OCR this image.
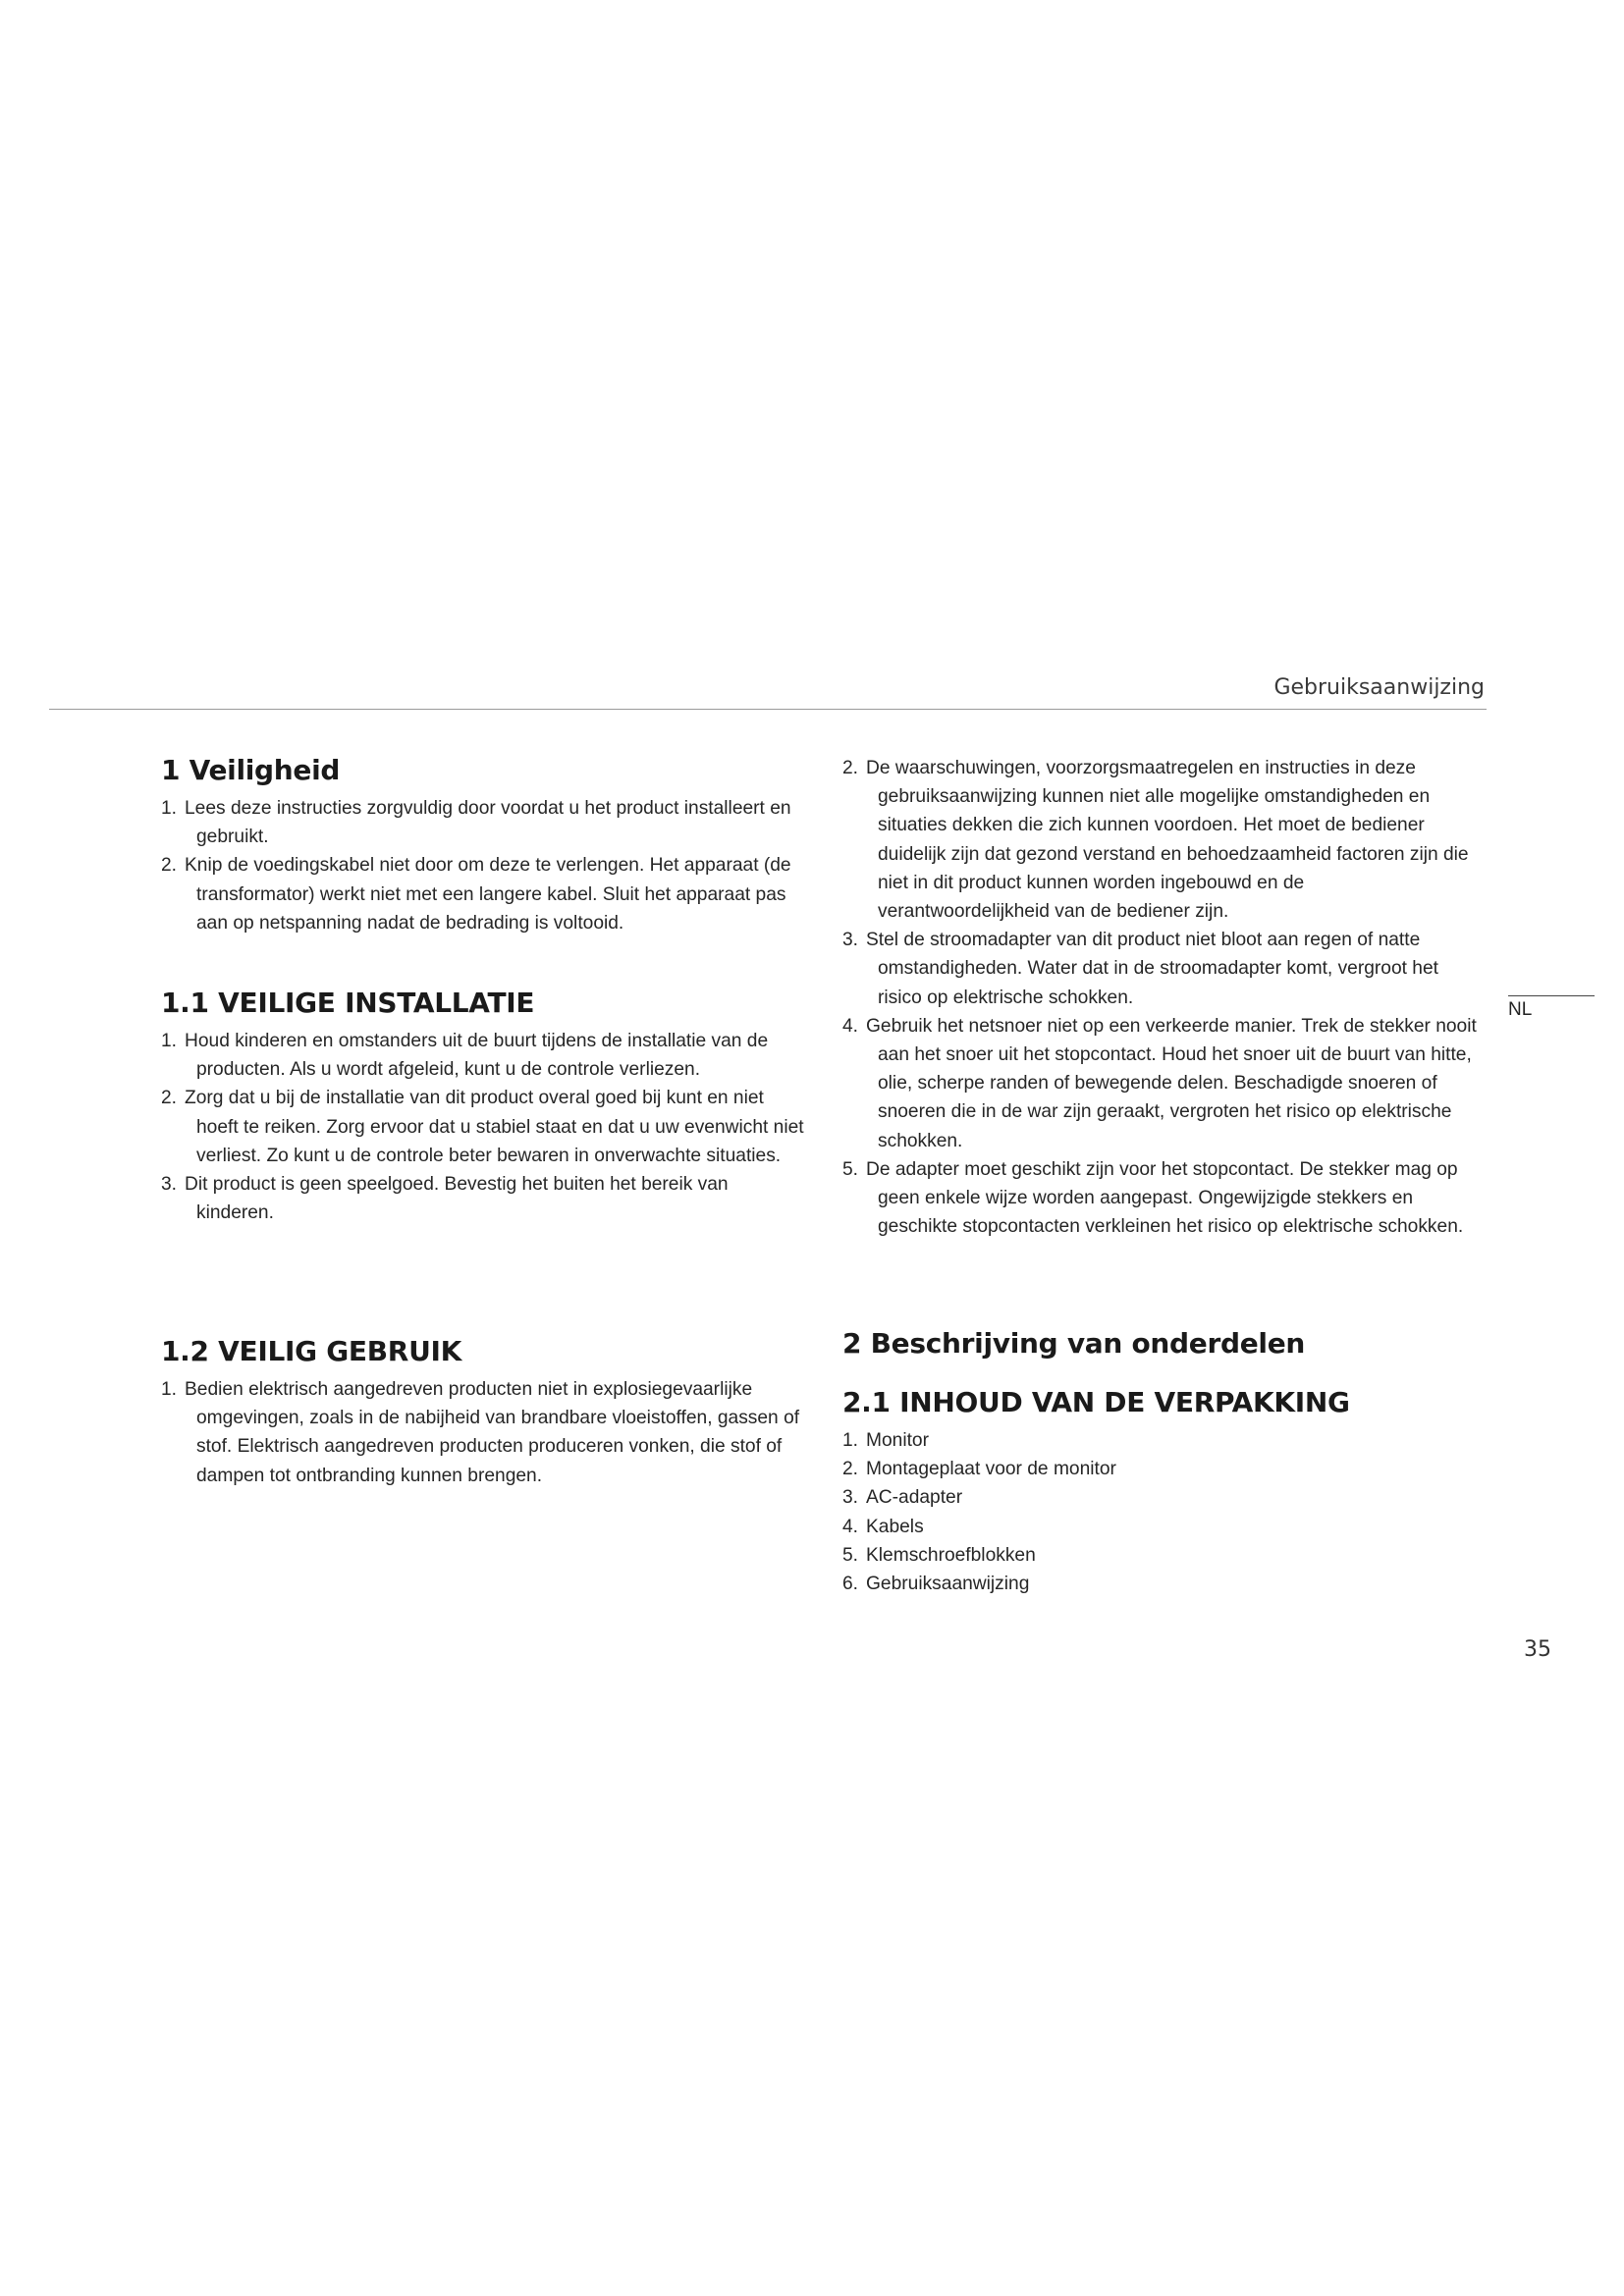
Gebruiksaanwijzing
NL
35
1 Veiligheid
1. Lees deze instructies zorgvuldig door voordat u het product installeert en gebruikt.
2. Knip de voedingskabel niet door om deze te verlengen. Het apparaat (de transformator) werkt niet met een langere kabel. Sluit het apparaat pas aan op netspanning nadat de bedrading is voltooid.
1.1 VEILIGE INSTALLATIE
1. Houd kinderen en omstanders uit de buurt tijdens de installatie van de producten. Als u wordt afgeleid, kunt u de controle verliezen.
2. Zorg dat u bij de installatie van dit product overal goed bij kunt en niet hoeft te reiken. Zorg ervoor dat u stabiel staat en dat u uw evenwicht niet verliest. Zo kunt u de controle beter bewaren in onverwachte situaties.
3. Dit product is geen speelgoed. Bevestig het buiten het bereik van kinderen.
1.2 VEILIG GEBRUIK
1. Bedien elektrisch aangedreven producten niet in explosiegevaarlijke omgevingen, zoals in de nabijheid van brandbare vloeistoffen, gassen of stof. Elektrisch aangedreven producten produceren vonken, die stof of dampen tot ontbranding kunnen brengen.
2. De waarschuwingen, voorzorgsmaatregelen en instructies in deze gebruiksaanwijzing kunnen niet alle mogelijke omstandigheden en situaties dekken die zich kunnen voordoen. Het moet de bediener duidelijk zijn dat gezond verstand en behoedzaamheid factoren zijn die niet in dit product kunnen worden ingebouwd en de verantwoordelijkheid van de bediener zijn.
3. Stel de stroomadapter van dit product niet bloot aan regen of natte omstandigheden. Water dat in de stroomadapter komt, vergroot het risico op elektrische schokken.
4. Gebruik het netsnoer niet op een verkeerde manier. Trek de stekker nooit aan het snoer uit het stopcontact. Houd het snoer uit de buurt van hitte, olie, scherpe randen of bewegende delen. Beschadigde snoeren of snoeren die in de war zijn geraakt, vergroten het risico op elektrische schokken.
5. De adapter moet geschikt zijn voor het stopcontact. De stekker mag op geen enkele wijze worden aangepast. Ongewijzigde stekkers en geschikte stopcontacten verkleinen het risico op elektrische schokken.
2 Beschrijving van onderdelen
2.1 INHOUD VAN DE VERPAKKING
1. Monitor
2. Montageplaat voor de monitor
3. AC-adapter
4. Kabels
5. Klemschroefblokken
6. Gebruiksaanwijzing
